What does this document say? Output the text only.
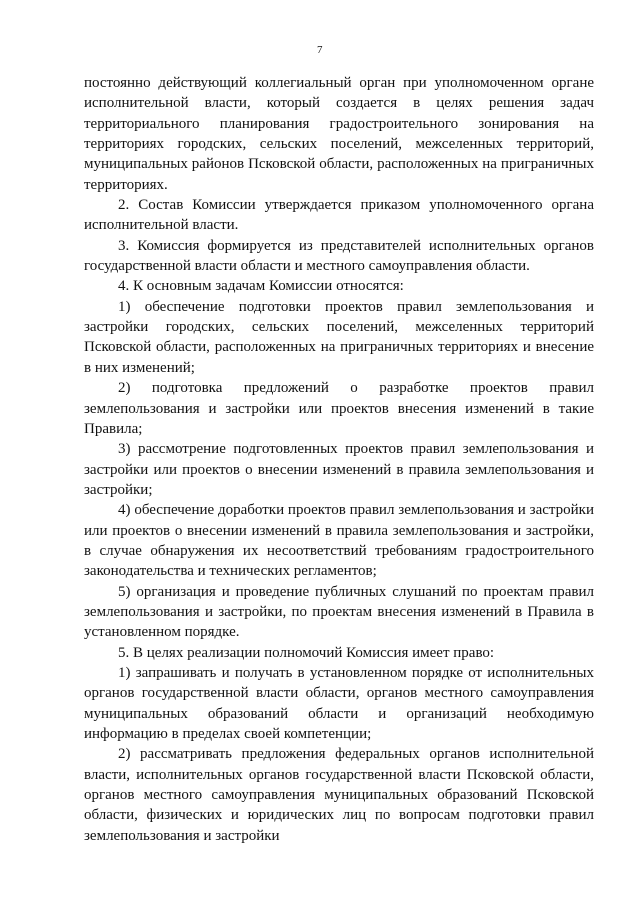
7

постоянно действующий коллегиальный орган при уполномоченном органе исполнительной власти, который создается в целях решения задач территориального планирования градостроительного зонирования на территориях городских, сельских поселений, межселенных территорий, муниципальных районов Псковской области, расположенных на приграничных территориях.

2. Состав Комиссии утверждается приказом уполномоченного органа исполнительной власти.

3. Комиссия формируется из представителей исполнительных органов государственной власти области и местного самоуправления области.

4. К основным задачам Комиссии относятся:

1) обеспечение подготовки проектов правил землепользования и застройки городских, сельских поселений, межселенных территорий Псковской области, расположенных на приграничных территориях и внесение в них изменений;

2) подготовка предложений о разработке проектов правил землепользования и застройки или проектов внесения изменений в такие Правила;

3) рассмотрение подготовленных проектов правил землепользования и застройки или проектов о внесении изменений в правила землепользования и застройки;

4) обеспечение доработки проектов правил землепользования и застройки или проектов о внесении изменений в правила землепользования и застройки, в случае обнаружения их несоответствий требованиям градостроительного законодательства и технических регламентов;

5) организация и проведение публичных слушаний по проектам правил землепользования и застройки, по проектам внесения изменений в Правила в установленном порядке.

5. В целях реализации полномочий Комиссия имеет право:

1) запрашивать и получать в установленном порядке от исполнительных органов государственной власти области, органов местного самоуправления муниципальных образований области и организаций необходимую информацию в пределах своей компетенции;

2) рассматривать предложения федеральных органов исполнительной власти, исполнительных органов государственной власти Псковской области, органов местного самоуправления муниципальных образований Псковской области, физических и юридических лиц по вопросам подготовки правил землепользования и застройки
